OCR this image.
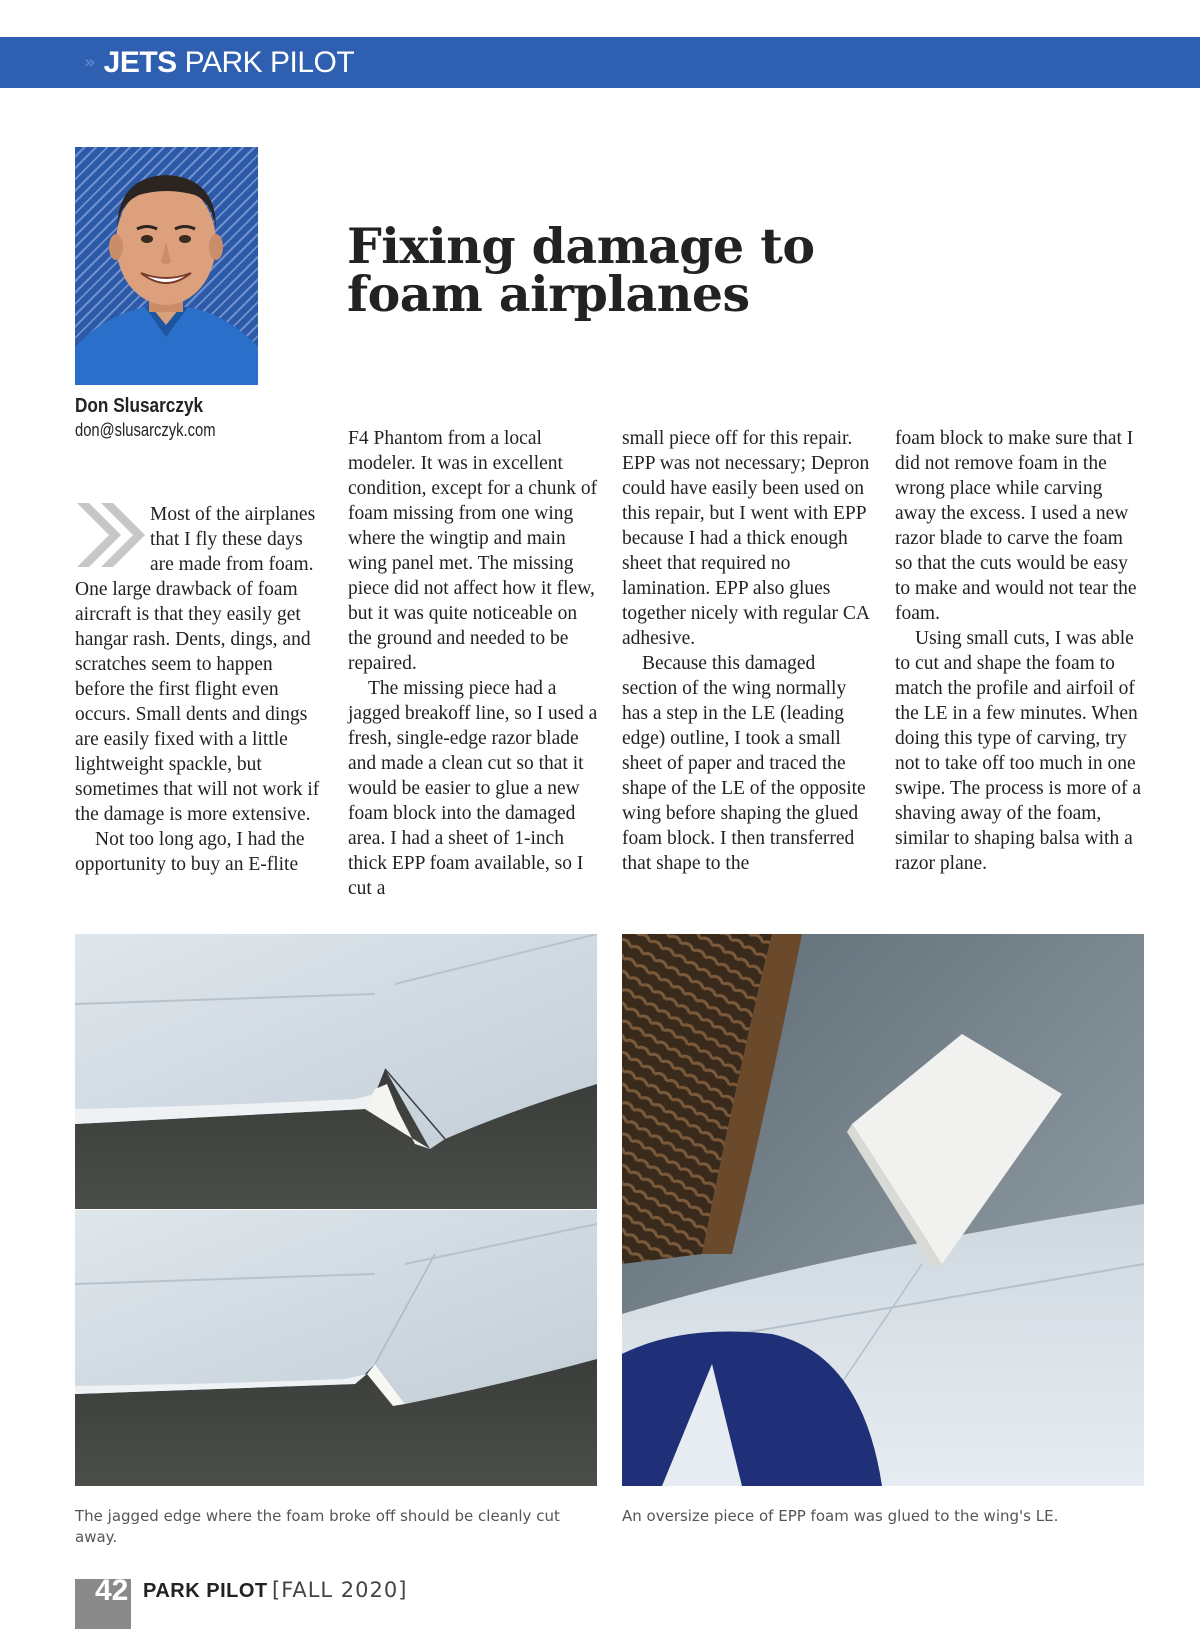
» JETS PARK PILOT
Don Slusarczyk
don@slusarczyk.com
Fixing damage to
foam airplanes

Most of the airplanes that I fly these days are made from foam. One large drawback of foam aircraft is that they easily get hangar rash. Dents, dings, and scratches seem to happen before the first flight even occurs. Small dents and dings are easily fixed with a little lightweight spackle, but sometimes that will not work if the damage is more extensive.

Not too long ago, I had the opportunity to buy an E-flite

F4 Phantom from a local modeler. It was in excellent condition, except for a chunk of foam missing from one wing where the wingtip and main wing panel met. The missing piece did not affect how it flew, but it was quite noticeable on the ground and needed to be repaired.

The missing piece had a jagged breakoff line, so I used a fresh, single-edge razor blade and made a clean cut so that it would be easier to glue a new foam block into the damaged area. I had a sheet of 1-inch thick EPP foam available, so I cut a

small piece off for this repair. EPP was not necessary; Depron could have easily been used on this repair, but I went with EPP because I had a thick enough sheet that required no lamination. EPP also glues together nicely with regular CA adhesive.

Because this damaged section of the wing normally has a step in the LE (leading edge) outline, I took a small sheet of paper and traced the shape of the LE of the opposite wing before shaping the glued foam block. I then transferred that shape to the

foam block to make sure that I did not remove foam in the wrong place while carving away the excess. I used a new razor blade to carve the foam so that the cuts would be easy to make and would not tear the foam.

Using small cuts, I was able to cut and shape the foam to match the profile and airfoil of the LE in a few minutes. When doing this type of carving, try not to take off too much in one swipe. The process is more of a shaving away of the foam, similar to shaping balsa with a razor plane.

The jagged edge where the foam broke off should be cleanly cut away.
An oversize piece of EPP foam was glued to the wing's LE.
42 PARK PILOT [FALL 2020]
